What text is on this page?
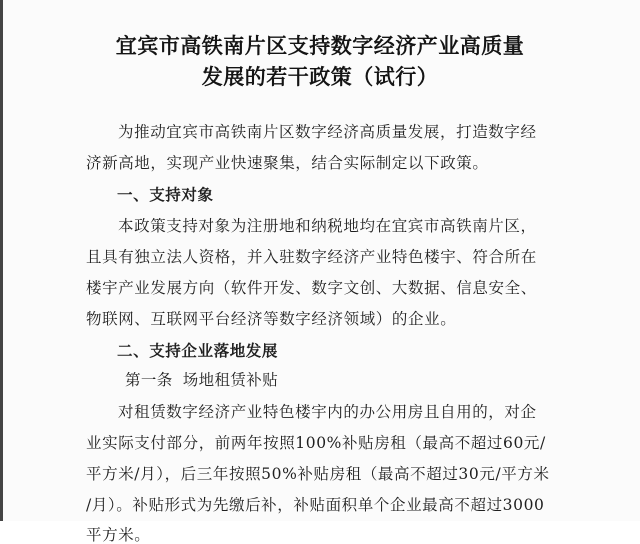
宜宾市高铁南片区支持数字经济产业高质量
发展的若干政策（试行）

为推动宜宾市高铁南片区数字经济高质量发展，打造数字经

济新高地，实现产业快速聚集，结合实际制定以下政策。

一、支持对象

本政策支持对象为注册地和纳税地均在宜宾市高铁南片区，

且具有独立法人资格，并入驻数字经济产业特色楼宇、符合所在

楼宇产业发展方向（软件开发、数字文创、大数据、信息安全、

物联网、互联网平台经济等数字经济领域）的企业。

二、支持企业落地发展

第一条 场地租赁补贴

对租赁数字经济产业特色楼宇内的办公用房且自用的，对企

业实际支付部分，前两年按照100%补贴房租（最高不超过60元/

平方米/月），后三年按照50%补贴房租（最高不超过30元/平方米

/月）。补贴形式为先缴后补，补贴面积单个企业最高不超过3000

平方米。
